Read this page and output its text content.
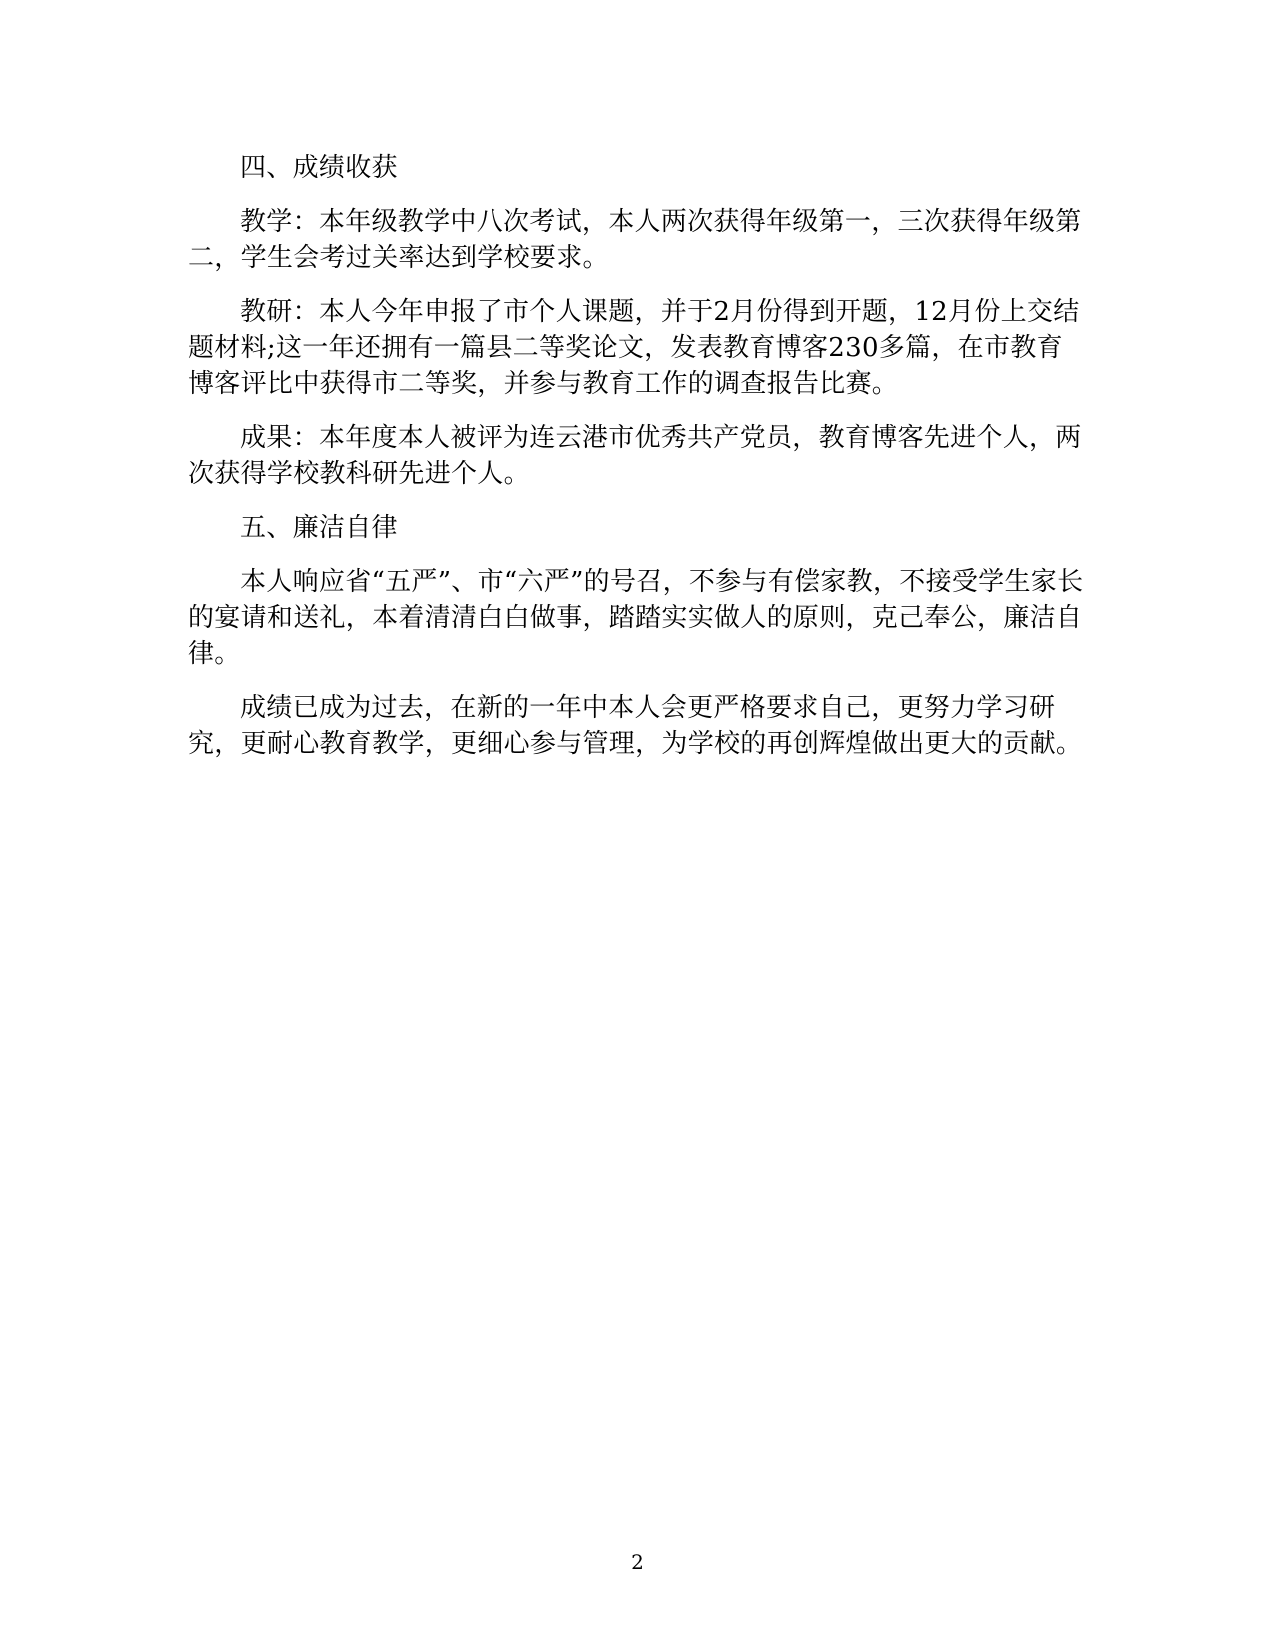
四、成绩收获

教学：本年级教学中八次考试，本人两次获得年级第一，三次获得年级第二，学生会考过关率达到学校要求。

教研：本人今年申报了市个人课题，并于2月份得到开题，12月份上交结题材料;这一年还拥有一篇县二等奖论文，发表教育博客230多篇，在市教育博客评比中获得市二等奖，并参与教育工作的调查报告比赛。

成果：本年度本人被评为连云港市优秀共产党员，教育博客先进个人，两次获得学校教科研先进个人。

五、廉洁自律

本人响应省“五严”、市“六严”的号召，不参与有偿家教，不接受学生家长的宴请和送礼，本着清清白白做事，踏踏实实做人的原则，克己奉公，廉洁自律。

成绩已成为过去，在新的一年中本人会更严格要求自己，更努力学习研究，更耐心教育教学，更细心参与管理，为学校的再创辉煌做出更大的贡献。

2
